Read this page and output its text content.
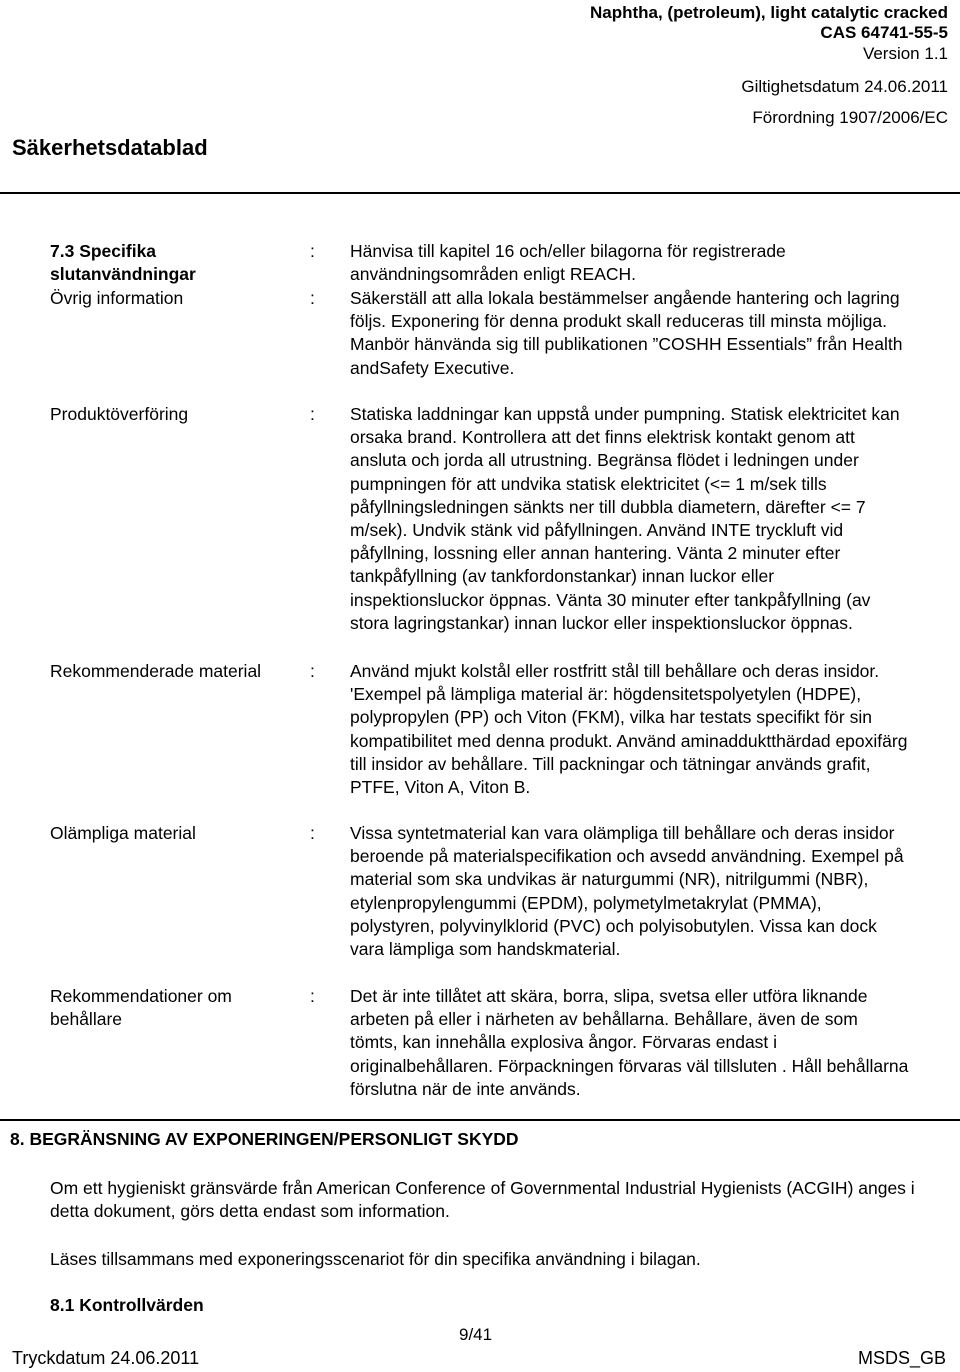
Naphtha, (petroleum), light catalytic cracked
CAS 64741-55-5
Version 1.1
Giltighetsdatum 24.06.2011
Förordning 1907/2006/EC
Säkerhetsdatablad
7.3 Specifika slutanvändningar
: Hänvisa till kapitel 16 och/eller bilagorna för registrerade användningsområden enligt REACH.
Övrig information	: Säkerställ att alla lokala bestämmelser angående hantering och lagring följs. Exponering för denna produkt skall reduceras till minsta möjliga. Manbör hänvända sig till publikationen ”COSHH Essentials” från Health andSafety Executive.
Produktöverföring	: Statiska laddningar kan uppstå under pumpning. Statisk elektricitet kan orsaka brand. Kontrollera att det finns elektrisk kontakt genom att ansluta och jorda all utrustning. Begränsa flödet i ledningen under pumpningen för att undvika statisk elektricitet (<= 1 m/sek tills påfyllningsledningen sänkts ner till dubbla diametern, därefter <= 7 m/sek). Undvik stänk vid påfyllningen. Använd INTE tryckluft vid påfyllning, lossning eller annan hantering. Vänta 2 minuter efter tankpåfyllning (av tankfordonstankar) innan luckor eller inspektionsluckor öppnas. Vänta 30 minuter efter tankpåfyllning (av stora lagringstankar) innan luckor eller inspektionsluckor öppnas.
Rekommenderade material	: Använd mjukt kolstål eller rostfritt stål till behållare och deras insidor. 'Exempel på lämpliga material är: högdensitetspolyetylen (HDPE), polypropylen (PP) och Viton (FKM), vilka har testats specifikt för sin kompatibilitet med denna produkt. Använd aminadduktthärdad epoxifärg till insidor av behållare. Till packningar och tätningar används grafit, PTFE, Viton A, Viton B.
Olämpliga material	: Vissa syntetmaterial kan vara olämpliga till behållare och deras insidor beroende på materialspecifikation och avsedd användning. Exempel på material som ska undvikas är naturgummi (NR), nitrilgummi (NBR), etylenpropylengummi (EPDM), polymetylmetakrylat (PMMA), polystyren, polyvinylklorid (PVC) och polyisobutylen. Vissa kan dock vara lämpliga som handskmaterial.
Rekommendationer om behållare
: Det är inte tillåtet att skära, borra, slipa, svetsa eller utföra liknande arbeten på eller i närheten av behållarna. Behållare, även de som tömts, kan innehålla explosiva ångor. Förvaras endast i originalbehållaren. Förpackningen förvaras väl tillsluten . Håll behållarna förslutna när de inte används.
8. BEGRÄNSNING AV EXPONERINGEN/PERSONLIGT SKYDD
Om ett hygieniskt gränsvärde från American Conference of Governmental Industrial Hygienists (ACGIH) anges i detta dokument, görs detta endast som information.
Läses tillsammans med exponeringsscenariot för din specifika användning i bilagan.
8.1 Kontrollvärden
9/41
Tryckdatum 24.06.2011	MSDS_GB
